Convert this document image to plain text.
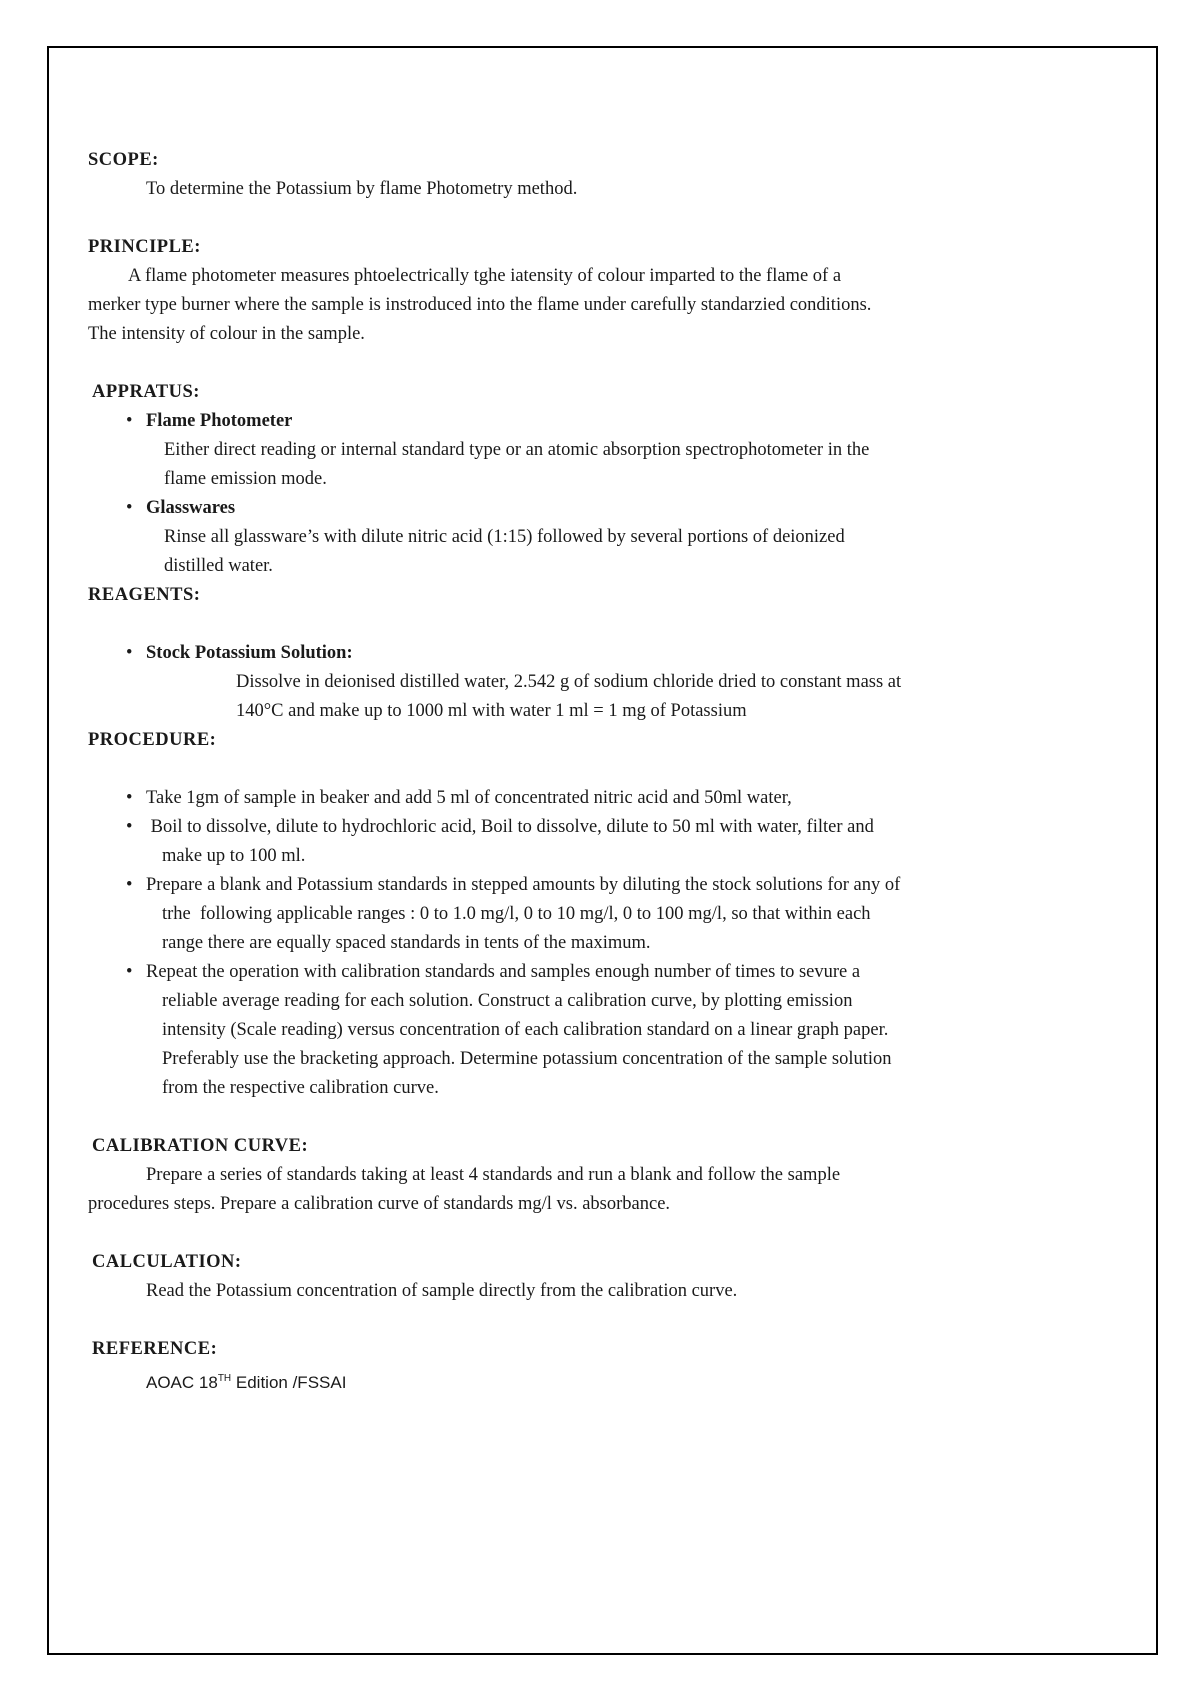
SCOPE:

To determine the Potassium by flame Photometry method.

PRINCIPLE:

A flame photometer measures phtoelectrically tghe iatensity of colour imparted to the flame of a

merker type burner where the sample is instroduced into the flame under carefully standarzied conditions.

The intensity of colour in the sample.

APPRATUS:

• Flame Photometer
Either direct reading or internal standard type or an atomic absorption spectrophotometer in the
flame emission mode.
• Glasswares
Rinse all glassware’s with dilute nitric acid (1:15) followed by several portions of deionized
distilled water.

REAGENTS:

• Stock Potassium Solution:
Dissolve in deionised distilled water, 2.542 g of sodium chloride dried to constant mass at
140°C and make up to 1000 ml with water 1 ml = 1 mg of Potassium

PROCEDURE:

• Take 1gm of sample in beaker and add 5 ml of concentrated nitric acid and 50ml water,
• Boil to dissolve, dilute to hydrochloric acid, Boil to dissolve, dilute to 50 ml with water, filter and
make up to 100 ml.
• Prepare a blank and Potassium standards in stepped amounts by diluting the stock solutions for any of
trhe  following applicable ranges : 0 to 1.0 mg/l, 0 to 10 mg/l, 0 to 100 mg/l, so that within each
range there are equally spaced standards in tents of the maximum.
• Repeat the operation with calibration standards and samples enough number of times to sevure a
reliable average reading for each solution. Construct a calibration curve, by plotting emission
intensity (Scale reading) versus concentration of each calibration standard on a linear graph paper.
Preferably use the bracketing approach. Determine potassium concentration of the sample solution
from the respective calibration curve.

CALIBRATION CURVE:

Prepare a series of standards taking at least 4 standards and run a blank and follow the sample

procedures steps. Prepare a calibration curve of standards mg/l vs. absorbance.

CALCULATION:

Read the Potassium concentration of sample directly from the calibration curve.

REFERENCE:

AOAC 18TH Edition /FSSAI
